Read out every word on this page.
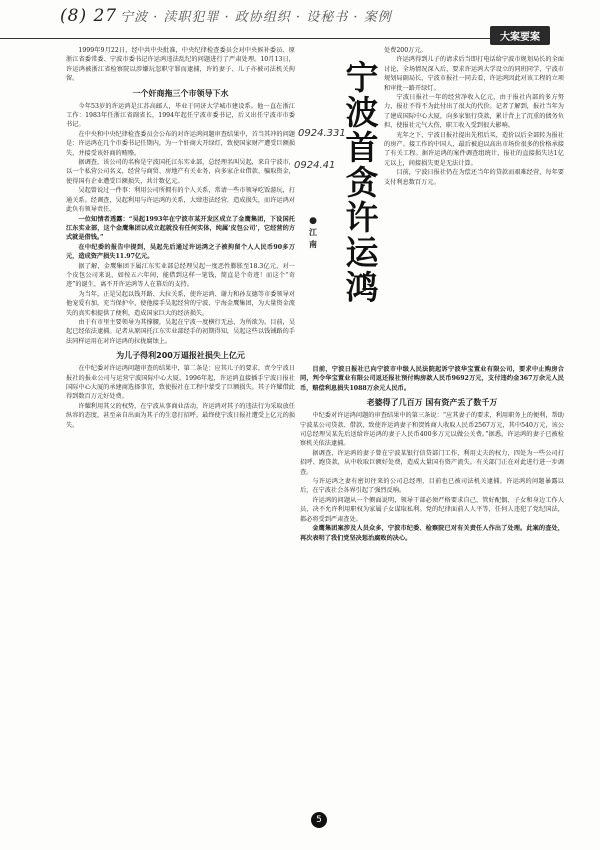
(8) 27 宁波 · 渎职犯罪 · 政协组织 · 设秘书 · 案例
大案要案

1999年9月22日，经中共中央批准，中央纪律检查委员会对中央候补委员、原浙江省委常委、宁波市委书记许运鸿违法乱纪的问题进行了严肃处理。10月13日，许运鸿被浙江省检察院以涉嫌玩忽职守罪而逮捕，许的妻子、儿子亦被司法机关拘留。

一个奸商拖三个市领导下水

今年53岁的许运鸿是江苏高邮人，毕业于同济大学城市建设系。他一直在浙江工作：1983年任浙江省副省长，1994年起任宁波市委书记，后又出任宁波市市委书记。

在中央和中央纪律检查委员会公布的对许运鸿问题审查结果中，首当其冲的问题是：许运鸿在几个市委书记任期内，为一个奸商大开绿灯，致使国家财产遭受巨额损失，并接受该奸商的贿赂。

据调查，该公司的名称是宁波国托江东实业部，总经理名叫吴起，来自宁波市，以一个私营公司名义，经营与商贸、房地产有关业务，向多家企业借款、骗取资金，使得国有企业遭受巨额损失，共计数亿元。

吴起曾说过一件事：利用公司所拥有的个人关系，常请一些市领导吃饭游玩，打通关系。经调查，吴起利用与许运鸿的关系，大肆违法经营，造成损失，而许运鸿对此负有领导责任。

一位知情者透露：“吴起1993年在宁波市某开发区成立了金鹰集团，下设国托江东实业部，这个金鹰集团以成立起就没有任何实体，纯属‘皮包公司’，它经营的方式就是借钱。”

在中纪委的报告中提到，吴起先后通过许运鸿之子被拘留个人人民币90多万元，造成资产损失11.97亿元。

据了解，金鹰集团下属江东实业部总经理吴起一度恶性膨胀至18.3亿元，对一个皮包公司来说，如按五六年间，能借到这样一笔钱，简直是个奇迹！而这个“奇迹”的诞生，离不开许运鸿等人在幕后的支持。

为当年，正是吴起以钱开路、大拉关系，使许运鸿、谢力和孙友德等市委领导对他宠爱有加，充当保护伞，使他接手吴起经营的宁波、宁海金鹰集团，为大量资金流失的真实相提供了便利，造成国家巨大的经济损失。

由于有市里主要领导为其撑腰，吴起在宁波一度横行无忌，为所欲为。目前，吴起已经依法逮捕。记者从原国托江东实业部经手的初期得知，吴起这些以钱铺路的手法同样运用在对许运鸿的拉拢腐蚀上。

为儿子得利200万逼报社损失上亿元

在中纪委对许运鸿问题审查的结果中，第二条是：应其儿子的要求，责令宁波日报社的报业公司与运营宁波国际中心大厦。1996年起，许运鸿直接插手宁波日报社国际中心大厦的承建商选择事宜，致使报社在工程中蒙受了巨额损失。其子许耀借此得到数百万元好处费。

许耀利用其父的权势，在宁波从事商业活动，许运鸿对其子的违法行为采取放任纵容的态度，甚至亲自出面为其子的生意打招呼，最终使宁波日报社遭受上亿元的损失。

0924.331
0924.41
●
江 南
宁
波
首
贪
许
运
鸿

处费200万元。

许运鸿得到儿子的请求后当即打电话给宁波市规划局长的全面讨论，全场情况深入后，要求许运鸿大学设立的同班同学、宁波市规划局副局长、宁波市报社一同去看，许运鸿因此对该工程的立项和审批一路开绿灯。

宁波日报社一年的经营净收入亿元，由于报社内部的多方努力，报社不得不为此付出了很大的代价。记者了解到，报社当年为了建成国际中心大厦，向多家银行贷款，累计背上了沉重的债务负担，使报社元气大伤，职工收入受到很大影响。

光年之下，宁波日报社提出先租后买，造价以后全部转为报社的房产。接工作的中国人，最后被迫以高出市场价很多的价格承接了有关工程。据许运鸿的案件调查组统计，报社的直接损失达1亿元以上，间接损失更是无法计算。

目前，宁波日报社仍在为偿还当年的贷款而艰难经营，每年要支付利息数百万元。

目前，宁波日报社已向宁波市中级人民法院起诉宁波华宝置业有限公司，要求中止购房合同，判令华宝置业有限公司返还报社预付购房款人民币9692万元，支付违约金367万余元人民币，赔偿利息损失1088万余元人民币。

老婆得了几百万 国有资产丢了数千万

中纪委对许运鸿问题的审查结果中的第三条说：“应其妻子的要求，利用职务上的便利，帮助宁波某公司贷款、借款，致使许运鸿妻子和贺姓商人收取人民币2567万元，其中540万元，该公司总经理吴某先后送给许运鸿的妻子人民币400多万元以做公关费。”据悉，许运鸿的妻子已被检察机关依法逮捕。

据调查，许运鸿的妻子曾在宁波某银行信贷部门工作，利用丈夫的权力，四处为一些公司打招呼、跑贷款，从中收取巨额好处费，造成大量国有资产流失。有关部门正在对此进行进一步调查。

与许运鸿之妻有密切往来的公司总经理，目前也已被司法机关逮捕。许运鸿的问题暴露以后，在宁波社会各界引起了强烈反响。

许运鸿的问题从一个侧面说明，领导干部必须严格要求自己，管好配偶、子女和身边工作人员，决不允许利用职权为家属子女谋取私利。党的纪律面前人人平等，任何人违犯了党纪国法，都必将受到严肃查处。

金鹰集团案涉及人员众多，宁波市纪委、检察院已对有关责任人作出了处理。此案的查处，再次表明了我们党坚决惩治腐败的决心。

5
